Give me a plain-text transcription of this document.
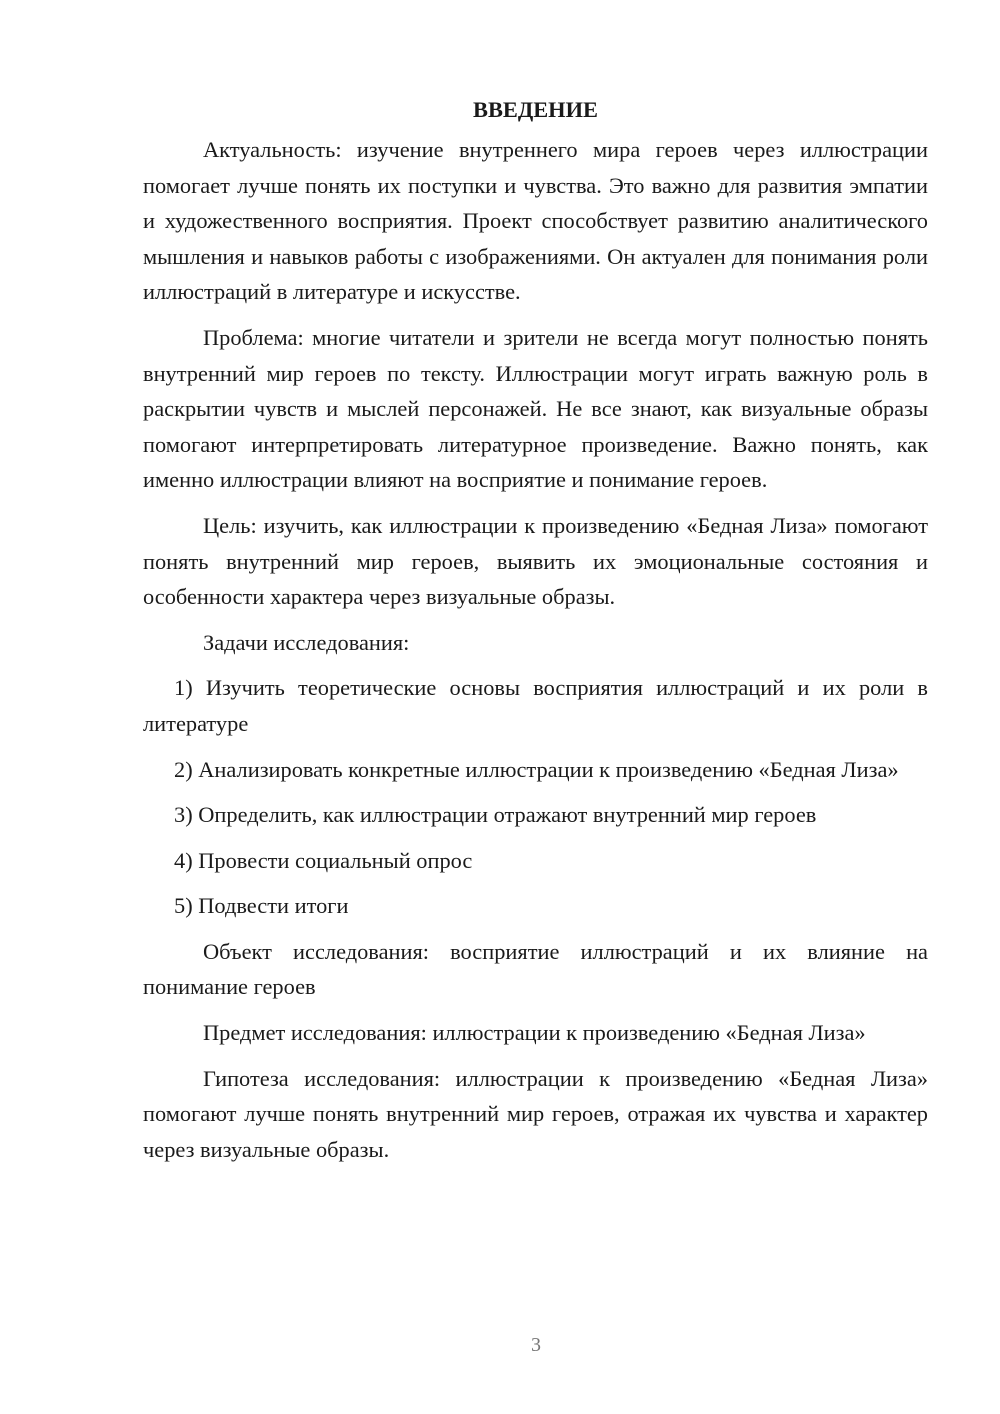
ВВЕДЕНИЕ

Актуальность: изучение внутреннего мира героев через иллюстрации помогает лучше понять их поступки и чувства. Это важно для развития эмпатии и художественного восприятия. Проект способствует развитию аналитического мышления и навыков работы с изображениями. Он актуален для понимания роли иллюстраций в литературе и искусстве.

Проблема: многие читатели и зрители не всегда могут полностью понять внутренний мир героев по тексту. Иллюстрации могут играть важную роль в раскрытии чувств и мыслей персонажей. Не все знают, как визуальные образы помогают интерпретировать литературное произведение. Важно понять, как именно иллюстрации влияют на восприятие и понимание героев.

Цель: изучить, как иллюстрации к произведению «Бедная Лиза» помогают понять внутренний мир героев, выявить их эмоциональные состояния и особенности характера через визуальные образы.

Задачи исследования:

1) Изучить теоретические основы восприятия иллюстраций и их роли в литературе

2) Анализировать конкретные иллюстрации к произведению «Бедная Лиза»

3) Определить, как иллюстрации отражают внутренний мир героев

4) Провести социальный опрос

5) Подвести итоги

Объект исследования: восприятие иллюстраций и их влияние на понимание героев

Предмет исследования: иллюстрации к произведению «Бедная Лиза»

Гипотеза исследования: иллюстрации к произведению «Бедная Лиза» помогают лучше понять внутренний мир героев, отражая их чувства и характер через визуальные образы.

3
